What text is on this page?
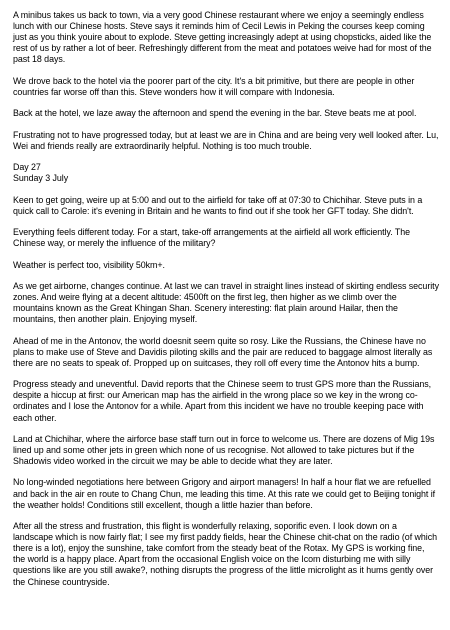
A minibus takes us back to town, via a very good Chinese restaurant where we enjoy a seemingly endless lunch with our Chinese hosts. Steve says it reminds him of Cecil Lewis in Peking the courses keep coming just as you think youire about to explode. Steve getting increasingly adept at using chopsticks, aided like the rest of us by rather a lot of beer. Refreshingly different from the meat and potatoes weive had for most of the past 18 days.

We drove back to the hotel via the poorer part of the city. It's a bit primitive, but there are people in other countries far worse off than this. Steve wonders how it will compare with Indonesia.

Back at the hotel, we laze away the afternoon and spend the evening in the bar. Steve beats me at pool.

Frustrating not to have progressed today, but at least we are in China and are being very well looked after. Lu, Wei and friends really are extraordinarily helpful. Nothing is too much trouble.

Day 27
Sunday 3 July

Keen to get going, weire up at 5:00 and out to the airfield for take off at 07:30 to Chichihar. Steve puts in a quick call to Carole: it's evening in Britain and he wants to find out if she took her GFT today. She didn't.

Everything feels different today. For a start, take-off arrangements at the airfield all work efficiently. The Chinese way, or merely the influence of the military?

Weather is perfect too, visibility 50km+.

As we get airborne, changes continue. At last we can travel in straight lines instead of skirting endless security zones. And weire flying at a decent altitude: 4500ft on the first leg, then higher as we climb over the mountains known as the Great Khingan Shan. Scenery interesting: flat plain around Hailar, then the mountains, then another plain. Enjoying myself.

Ahead of me in the Antonov, the world doesnit seem quite so rosy. Like the Russians, the Chinese have no plans to make use of Steve and Davidis piloting skills and the pair are reduced to baggage almost literally as there are no seats to speak of. Propped up on suitcases, they roll off every time the Antonov hits a bump.

Progress steady and uneventful. David reports that the Chinese seem to trust GPS more than the Russians, despite a hiccup at first: our American map has the airfield in the wrong place so we key in the wrong co-ordinates and I lose the Antonov for a while. Apart from this incident we have no trouble keeping pace with each other.

Land at Chichihar, where the airforce base staff turn out in force to welcome us. There are dozens of Mig 19s lined up and some other jets in green which none of us recognise. Not allowed to take pictures but if the Shadowis video worked in the circuit we may be able to decide what they are later.

No long-winded negotiations here between Grigory and airport managers! In half a hour flat we are refuelled and back in the air en route to Chang Chun, me leading this time. At this rate we could get to Beijing tonight if the weather holds! Conditions still excellent, though a little hazier than before.

After all the stress and frustration, this flight is wonderfully relaxing, soporific even. I look down on a landscape which is now fairly flat; I see my first paddy fields, hear the Chinese chit-chat on the radio (of which there is a lot), enjoy the sunshine, take comfort from the steady beat of the Rotax. My GPS is working fine, the world is a happy place. Apart from the occasional English voice on the Icom disturbing me with silly questions like are you still awake?, nothing disrupts the progress of the little microlight as it hums gently over the Chinese countryside.
